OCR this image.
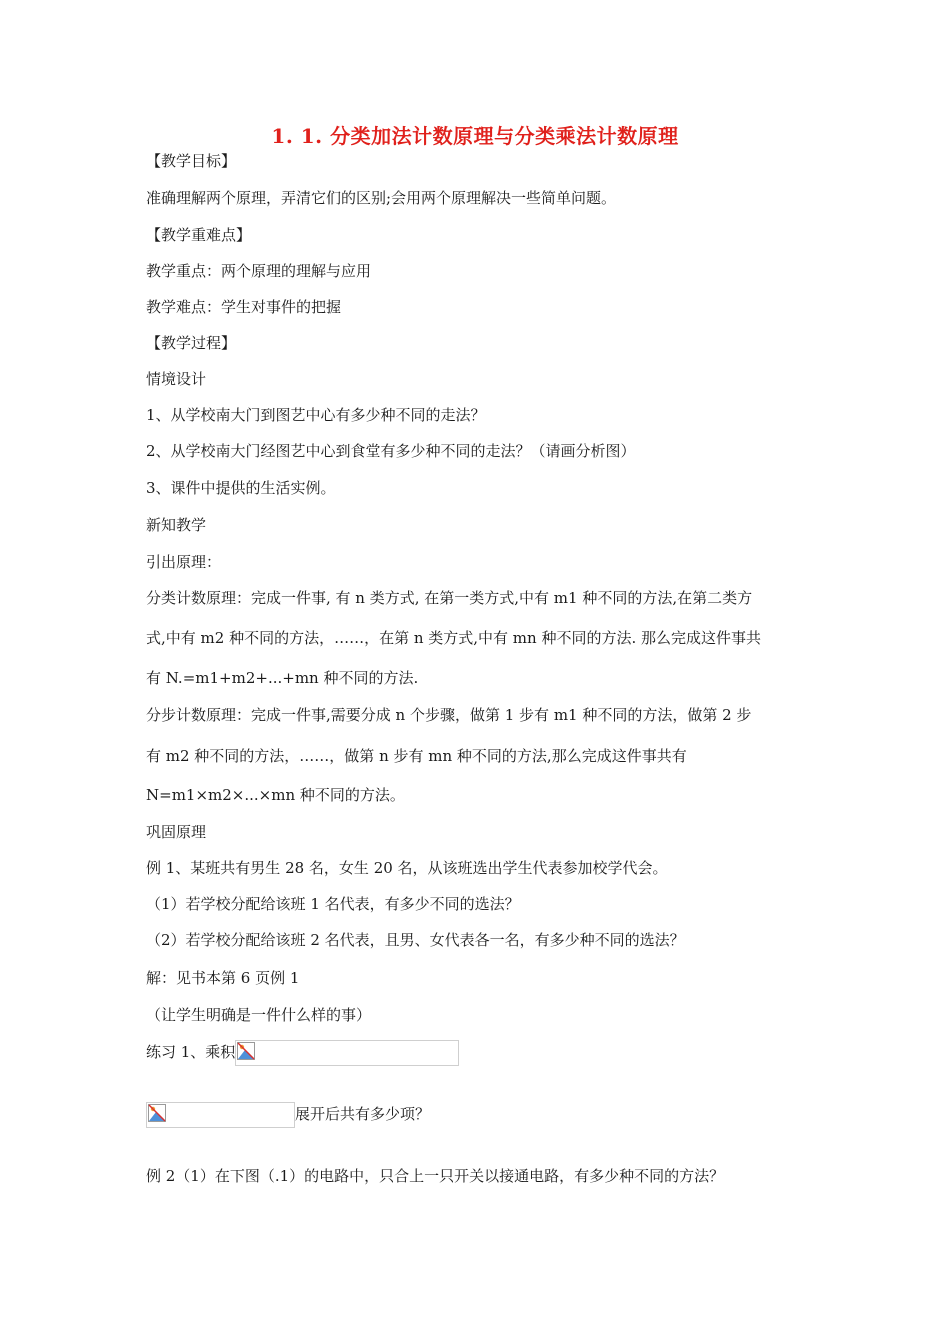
1. 1. 分类加法计数原理与分类乘法计数原理
【教学目标】
准确理解两个原理，弄清它们的区别;会用两个原理解决一些简单问题。
【教学重难点】
教学重点：两个原理的理解与应用
教学难点：学生对事件的把握
【教学过程】
情境设计
1、从学校南大门到图艺中心有多少种不同的走法？
2、从学校南大门经图艺中心到食堂有多少种不同的走法？（请画分析图）
3、课件中提供的生活实例。
新知教学
引出原理：
分类计数原理：完成一件事, 有 n 类方式, 在第一类方式,中有 m1 种不同的方法,在第二类方
式,中有 m2 种不同的方法，……，在第 n 类方式,中有 mn 种不同的方法. 那么完成这件事共
有 N.=m1+m2+...+mn 种不同的方法.
分步计数原理：完成一件事,需要分成 n 个步骤，做第 1 步有 m1 种不同的方法，做第 2 步
有 m2 种不同的方法，……，做第 n 步有 mn 种不同的方法,那么完成这件事共有
N=m1×m2×...×mn 种不同的方法。
巩固原理
例 1、某班共有男生 28 名，女生 20 名，从该班选出学生代表参加校学代会。
（1）若学校分配给该班 1 名代表，有多少不同的选法？
（2）若学校分配给该班 2 名代表，且男、女代表各一名，有多少种不同的选法？
解：见书本第 6 页例 1
（让学生明确是一件什么样的事）
练习 1、乘积
展开后共有多少项？
例 2（1）在下图（.1）的电路中，只合上一只开关以接通电路，有多少种不同的方法？
